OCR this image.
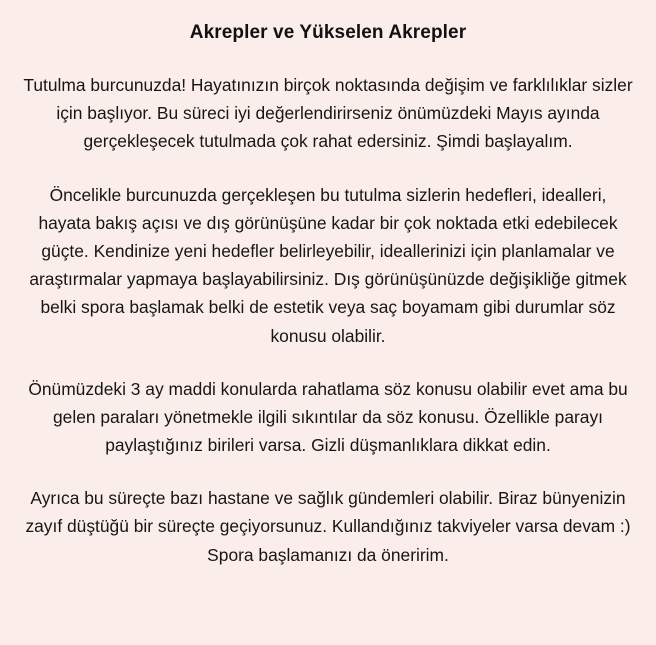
Akrepler ve Yükselen Akrepler

Tutulma burcunuzda! Hayatınızın birçok noktasında değişim ve farklılıklar sizler için başlıyor. Bu süreci iyi değerlendirirseniz önümüzdeki Mayıs ayında gerçekleşecek tutulmada çok rahat edersiniz. Şimdi başlayalım.

Öncelikle burcunuzda gerçekleşen bu tutulma sizlerin hedefleri, idealleri, hayata bakış açısı ve dış görünüşüne kadar bir çok noktada etki edebilecek güçte. Kendinize yeni hedefler belirleyebilir, ideallerinizi için planlamalar ve araştırmalar yapmaya başlayabilirsiniz. Dış görünüşünüzde değişikliğe gitmek belki spora başlamak belki de estetik veya saç boyamam gibi durumlar söz konusu olabilir.

Önümüzdeki 3 ay maddi konularda rahatlama söz konusu olabilir evet ama bu gelen paraları yönetmekle ilgili sıkıntılar da söz konusu. Özellikle parayı paylaştığınız birileri varsa. Gizli düşmanlıklara dikkat edin.

Ayrıca bu süreçte bazı hastane ve sağlık gündemleri olabilir. Biraz bünyenizin zayıf düştüğü bir süreçte geçiyorsunuz. Kullandığınız takviyeler varsa devam :) Spora başlamanızı da öneririm.
